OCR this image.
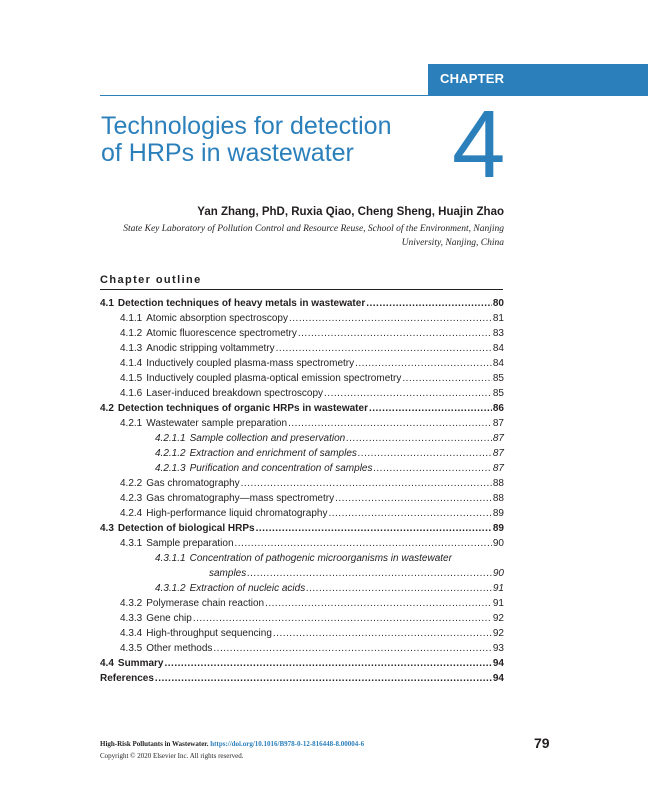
CHAPTER
Technologies for detection
of HRPs in wastewater	4
Yan Zhang, PhD, Ruxia Qiao, Cheng Sheng, Huajin Zhao
State Key Laboratory of Pollution Control and Resource Reuse, School of the Environment, Nanjing
University, Nanjing, China
Chapter outline
4.1 Detection techniques of heavy metals in wastewater .....	80
4.1.1 Atomic absorption spectroscopy .....	81
4.1.2 Atomic fluorescence spectrometry .....	83
4.1.3 Anodic stripping voltammetry .....	84
4.1.4 Inductively coupled plasma-mass spectrometry .....	84
4.1.5 Inductively coupled plasma-optical emission spectrometry .....	85
4.1.6 Laser-induced breakdown spectroscopy .....	85
4.2 Detection techniques of organic HRPs in wastewater .....	86
4.2.1 Wastewater sample preparation .....	87
4.2.1.1 Sample collection and preservation .....	87
4.2.1.2 Extraction and enrichment of samples .....	87
4.2.1.3 Purification and concentration of samples .....	87
4.2.2 Gas chromatography .....	88
4.2.3 Gas chromatography—mass spectrometry .....	88
4.2.4 High-performance liquid chromatography .....	89
4.3 Detection of biological HRPs .....	89
4.3.1 Sample preparation .....	90
4.3.1.1 Concentration of pathogenic microorganisms in wastewater
samples .....	90
4.3.1.2 Extraction of nucleic acids .....	91
4.3.2 Polymerase chain reaction .....	91
4.3.3 Gene chip .....	92
4.3.4 High-throughput sequencing .....	92
4.3.5 Other methods .....	93
4.4 Summary .....	94
References .....	94
High-Risk Pollutants in Wastewater. https://doi.org/10.1016/B978-0-12-816448-8.00004-6
Copyright © 2020 Elsevier Inc. All rights reserved.
79
